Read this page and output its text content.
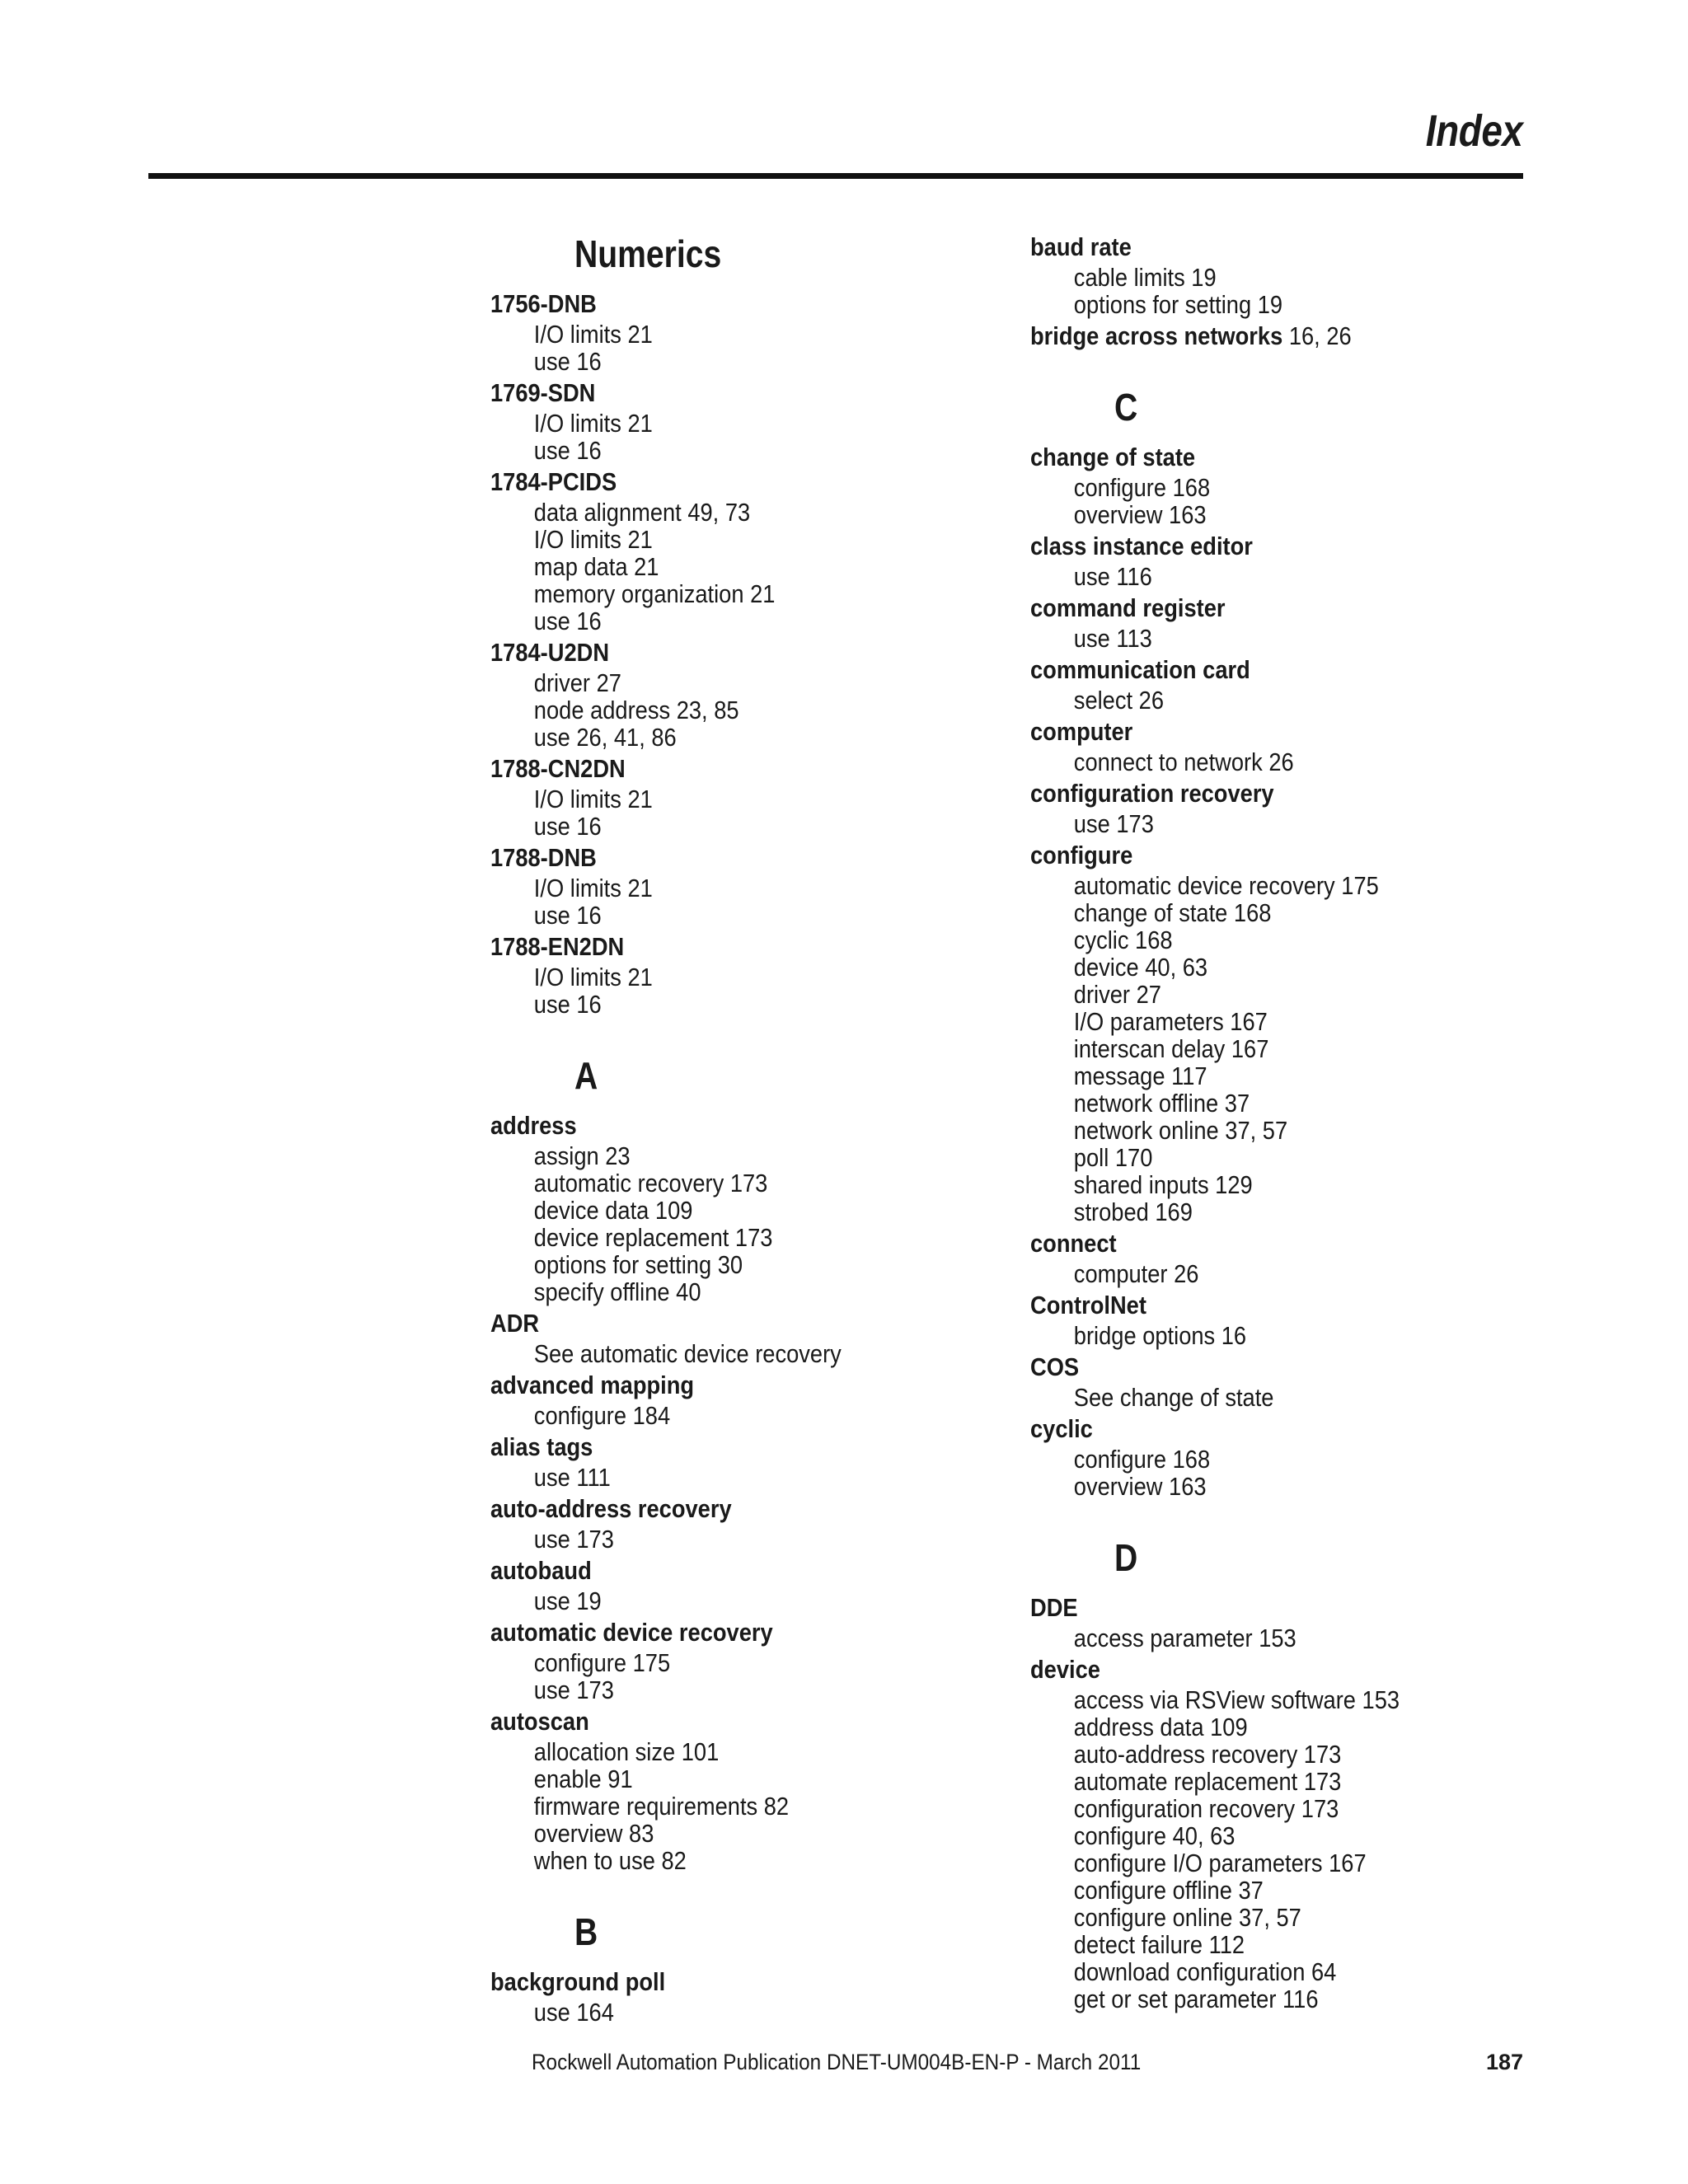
Index
Numerics
1756-DNB
I/O limits 21
use 16
1769-SDN
I/O limits 21
use 16
1784-PCIDS
data alignment 49, 73
I/O limits 21
map data 21
memory organization 21
use 16
1784-U2DN
driver 27
node address 23, 85
use 26, 41, 86
1788-CN2DN
I/O limits 21
use 16
1788-DNB
I/O limits 21
use 16
1788-EN2DN
I/O limits 21
use 16
A
address
assign 23
automatic recovery 173
device data 109
device replacement 173
options for setting 30
specify offline 40
ADR
See automatic device recovery
advanced mapping
configure 184
alias tags
use 111
auto-address recovery
use 173
autobaud
use 19
automatic device recovery
configure 175
use 173
autoscan
allocation size 101
enable 91
firmware requirements 82
overview 83
when to use 82
B
background poll
use 164
baud rate
cable limits 19
options for setting 19
bridge across networks 16, 26
C
change of state
configure 168
overview 163
class instance editor
use 116
command register
use 113
communication card
select 26
computer
connect to network 26
configuration recovery
use 173
configure
automatic device recovery 175
change of state 168
cyclic 168
device 40, 63
driver 27
I/O parameters 167
interscan delay 167
message 117
network offline 37
network online 37, 57
poll 170
shared inputs 129
strobed 169
connect
computer 26
ControlNet
bridge options 16
COS
See change of state
cyclic
configure 168
overview 163
D
DDE
access parameter 153
device
access via RSView software 153
address data 109
auto-address recovery 173
automate replacement 173
configuration recovery 173
configure 40, 63
configure I/O parameters 167
configure offline 37
configure online 37, 57
detect failure 112
download configuration 64
get or set parameter 116
Rockwell Automation Publication DNET-UM004B-EN-P - March 2011	187
